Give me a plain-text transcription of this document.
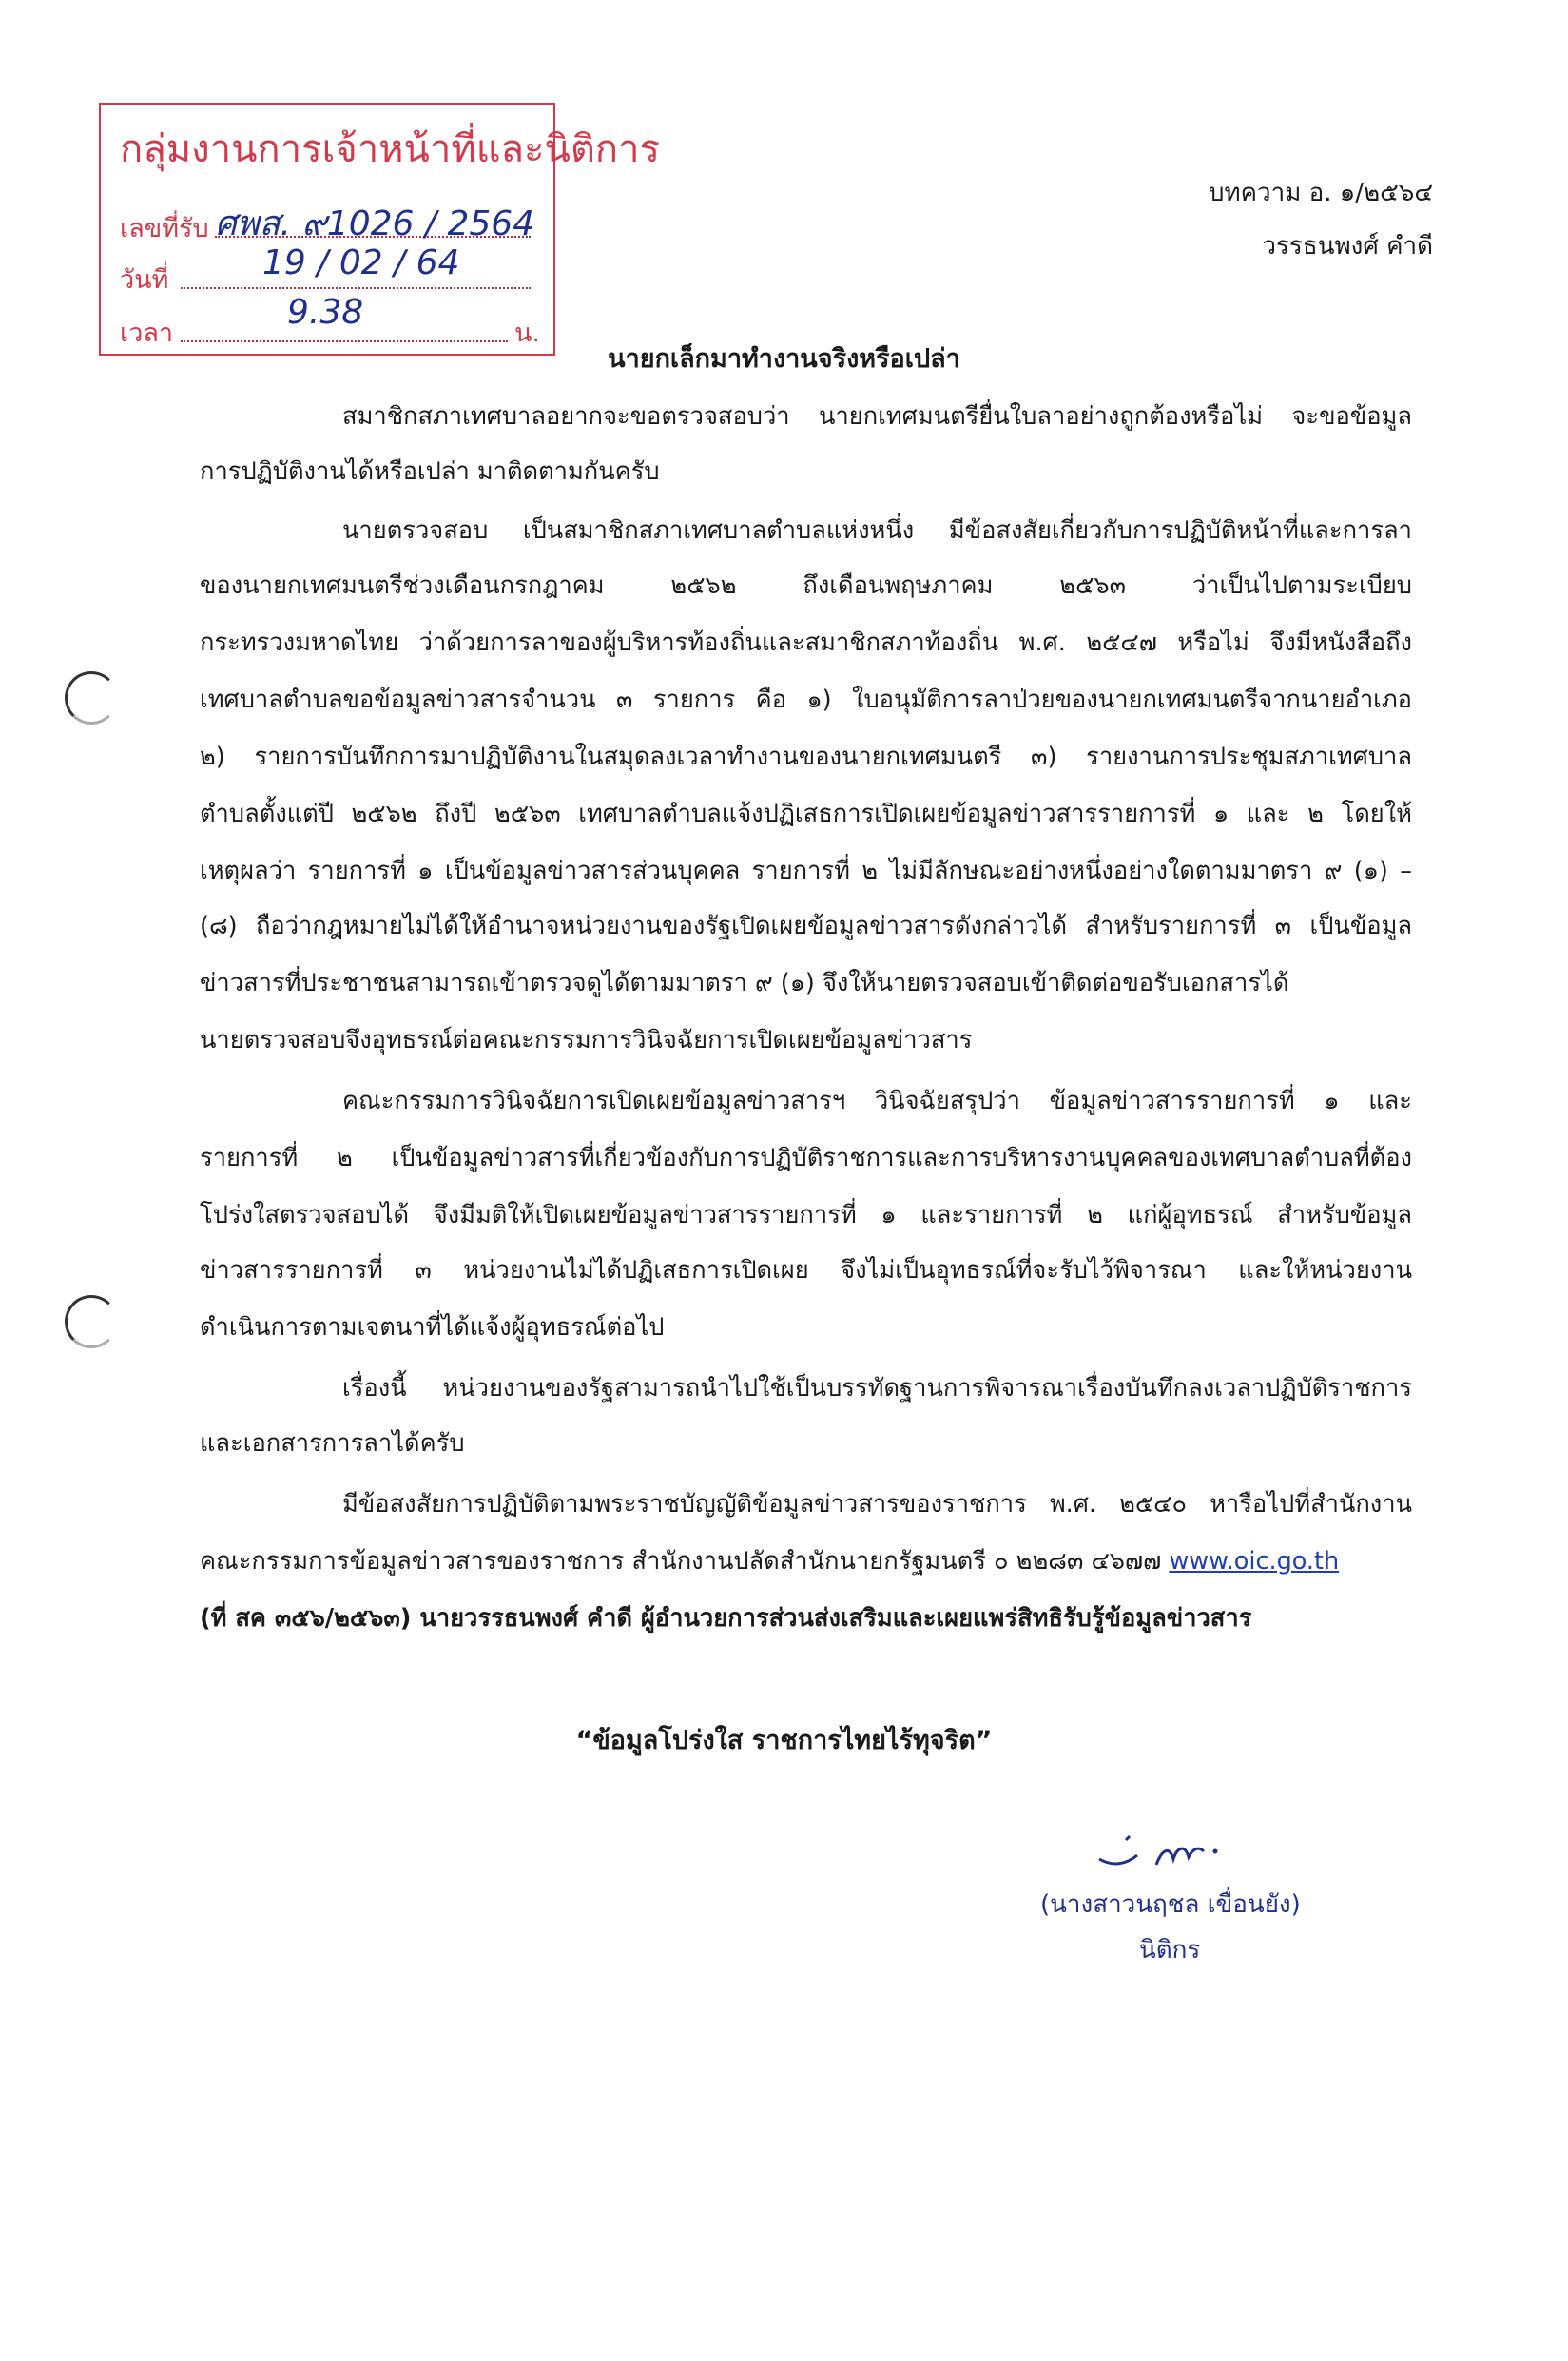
กลุ่มงานการเจ้าหน้าที่และนิติการ
เลขที่รับ ศพส. ๙1026 / 2564
วันที่	19 / 02 / 64
เวลา
9.38
น.
บทความ อ. ๑/๒๕๖๔
วรรธนพงศ์ คำดี
นายกเล็กมาทำงานจริงหรือเปล่า
สมาชิกสภาเทศบาลอยากจะขอตรวจสอบว่า นายกเทศมนตรียื่นใบลาอย่างถูกต้องหรือไม่ จะขอข้อมูล
การปฏิบัติงานได้หรือเปล่า มาติดตามกันครับ
นายตรวจสอบ เป็นสมาชิกสภาเทศบาลตำบลแห่งหนึ่ง มีข้อสงสัยเกี่ยวกับการปฏิบัติหน้าที่และการลา
ของนายกเทศมนตรีช่วงเดือนกรกฎาคม ๒๕๖๒ ถึงเดือนพฤษภาคม ๒๕๖๓ ว่าเป็นไปตามระเบียบ
กระทรวงมหาดไทย ว่าด้วยการลาของผู้บริหารท้องถิ่นและสมาชิกสภาท้องถิ่น พ.ศ. ๒๕๔๗ หรือไม่ จึงมีหนังสือถึง
เทศบาลตำบลขอข้อมูลข่าวสารจำนวน ๓ รายการ คือ ๑) ใบอนุมัติการลาป่วยของนายกเทศมนตรีจากนายอำเภอ
๒) รายการบันทึกการมาปฏิบัติงานในสมุดลงเวลาทำงานของนายกเทศมนตรี ๓) รายงานการประชุมสภาเทศบาล
ตำบลตั้งแต่ปี ๒๕๖๒ ถึงปี ๒๕๖๓ เทศบาลตำบลแจ้งปฏิเสธการเปิดเผยข้อมูลข่าวสารรายการที่ ๑ และ ๒ โดยให้
เหตุผลว่า รายการที่ ๑ เป็นข้อมูลข่าวสารส่วนบุคคล รายการที่ ๒ ไม่มีลักษณะอย่างหนึ่งอย่างใดตามมาตรา ๙ (๑) –
(๘) ถือว่ากฎหมายไม่ได้ให้อำนาจหน่วยงานของรัฐเปิดเผยข้อมูลข่าวสารดังกล่าวได้ สำหรับรายการที่ ๓ เป็นข้อมูล
ข่าวสารที่ประชาชนสามารถเข้าตรวจดูได้ตามมาตรา ๙ (๑) จึงให้นายตรวจสอบเข้าติดต่อขอรับเอกสารได้
นายตรวจสอบจึงอุทธรณ์ต่อคณะกรรมการวินิจฉัยการเปิดเผยข้อมูลข่าวสาร
คณะกรรมการวินิจฉัยการเปิดเผยข้อมูลข่าวสารฯ วินิจฉัยสรุปว่า ข้อมูลข่าวสารรายการที่ ๑ และ
รายการที่ ๒ เป็นข้อมูลข่าวสารที่เกี่ยวข้องกับการปฏิบัติราชการและการบริหารงานบุคคลของเทศบาลตำบลที่ต้อง
โปร่งใสตรวจสอบได้ จึงมีมติให้เปิดเผยข้อมูลข่าวสารรายการที่ ๑ และรายการที่ ๒ แก่ผู้อุทธรณ์ สำหรับข้อมูล
ข่าวสารรายการที่ ๓ หน่วยงานไม่ได้ปฏิเสธการเปิดเผย จึงไม่เป็นอุทธรณ์ที่จะรับไว้พิจารณา และให้หน่วยงาน
ดำเนินการตามเจตนาที่ได้แจ้งผู้อุทธรณ์ต่อไป
เรื่องนี้ หน่วยงานของรัฐสามารถนำไปใช้เป็นบรรทัดฐานการพิจารณาเรื่องบันทึกลงเวลาปฏิบัติราชการ
และเอกสารการลาได้ครับ
มีข้อสงสัยการปฏิบัติตามพระราชบัญญัติข้อมูลข่าวสารของราชการ พ.ศ. ๒๕๔๐ หารือไปที่สำนักงาน
คณะกรรมการข้อมูลข่าวสารของราชการ สำนักงานปลัดสำนักนายกรัฐมนตรี ๐ ๒๒๘๓ ๔๖๗๗ www.oic.go.th
(ที่ สค ๓๕๖/๒๕๖๓) นายวรรธนพงศ์ คำดี ผู้อำนวยการส่วนส่งเสริมและเผยแพร่สิทธิรับรู้ข้อมูลข่าวสาร
“ข้อมูลโปร่งใส ราชการไทยไร้ทุจริต”
(นางสาวนฤชล เขื่อนยัง)
นิติกร
